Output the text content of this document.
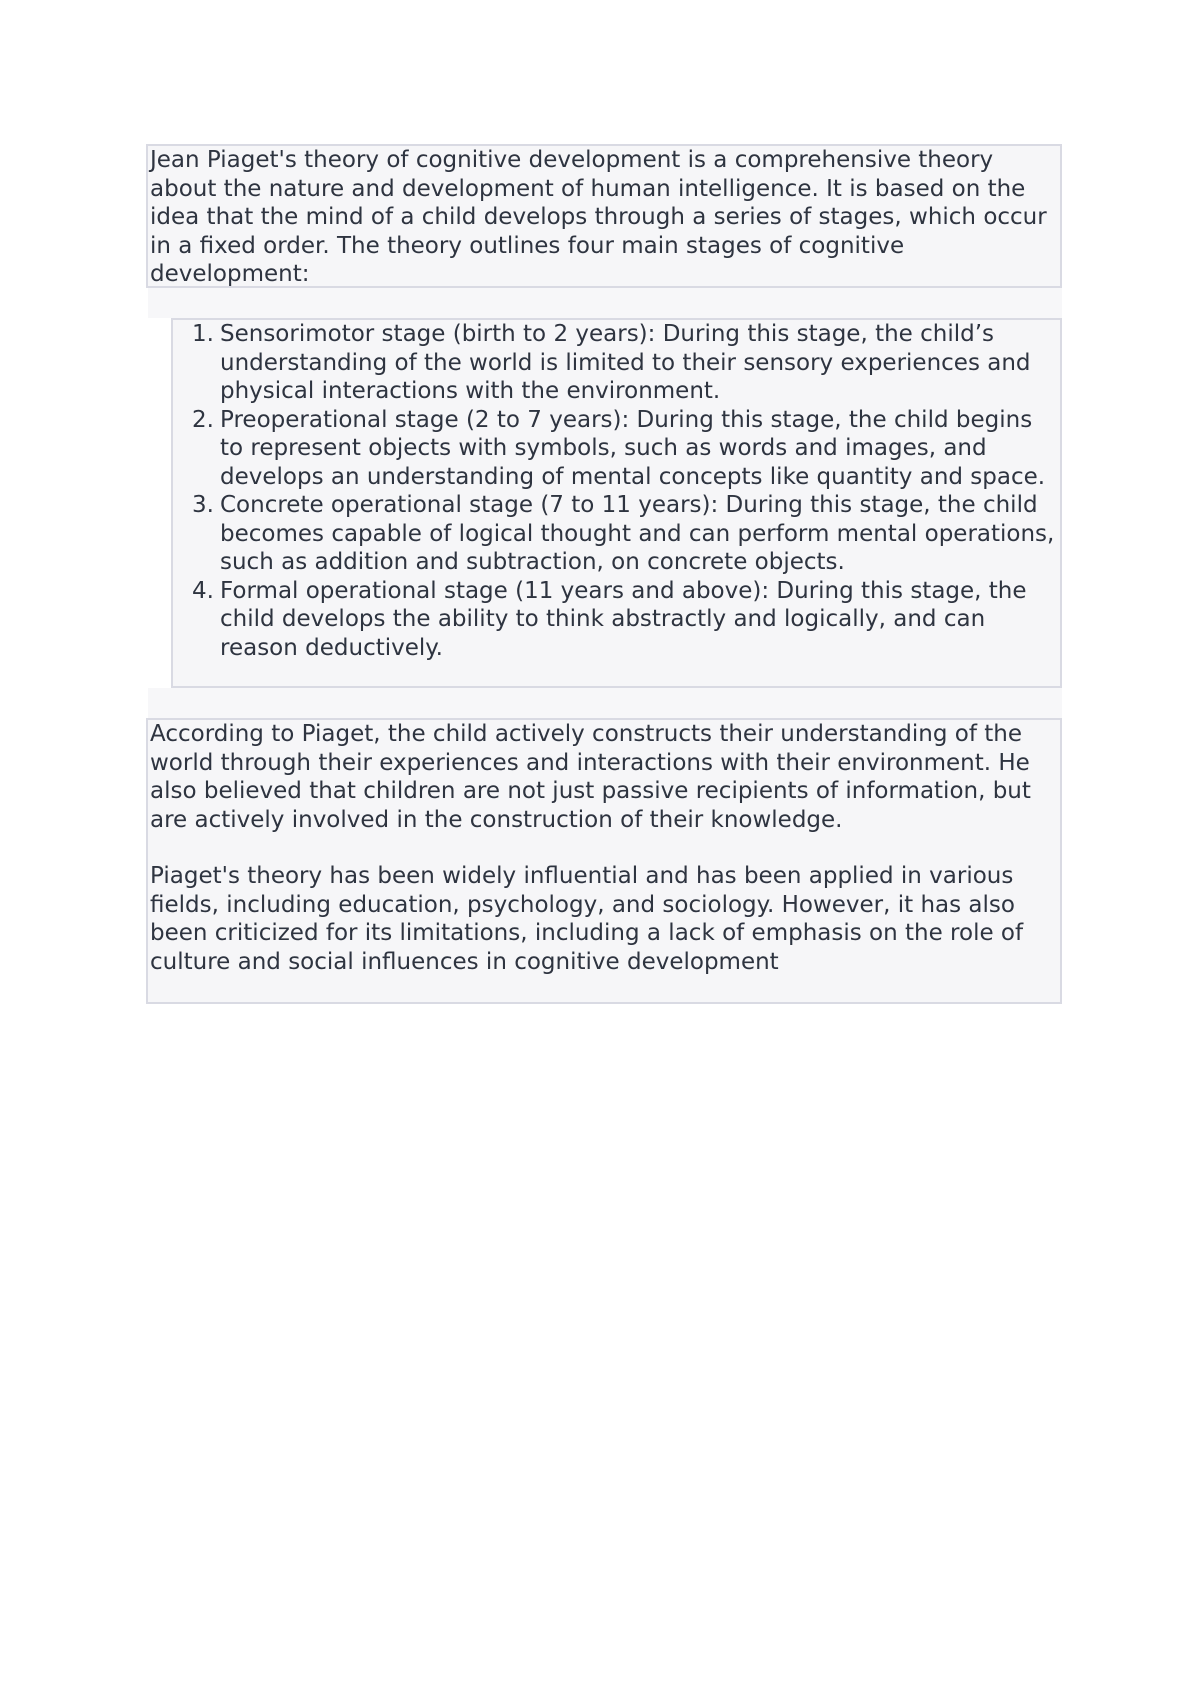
Jean Piaget's theory of cognitive development is a comprehensive theory about the nature and development of human intelligence. It is based on the idea that the mind of a child develops through a series of stages, which occur in a fixed order. The theory outlines four main stages of cognitive development:

1. Sensorimotor stage (birth to 2 years): During this stage, the child’s understanding of the world is limited to their sensory experiences and physical interactions with the environment.
2. Preoperational stage (2 to 7 years): During this stage, the child begins to represent objects with symbols, such as words and images, and develops an understanding of mental concepts like quantity and space.
3. Concrete operational stage (7 to 11 years): During this stage, the child becomes capable of logical thought and can perform mental operations, such as addition and subtraction, on concrete objects.
4. Formal operational stage (11 years and above): During this stage, the child develops the ability to think abstractly and logically, and can reason deductively.

According to Piaget, the child actively constructs their understanding of the world through their experiences and interactions with their environment. He also believed that children are not just passive recipients of information, but are actively involved in the construction of their knowledge.

Piaget's theory has been widely influential and has been applied in various fields, including education, psychology, and sociology. However, it has also been criticized for its limitations, including a lack of emphasis on the role of culture and social influences in cognitive development
